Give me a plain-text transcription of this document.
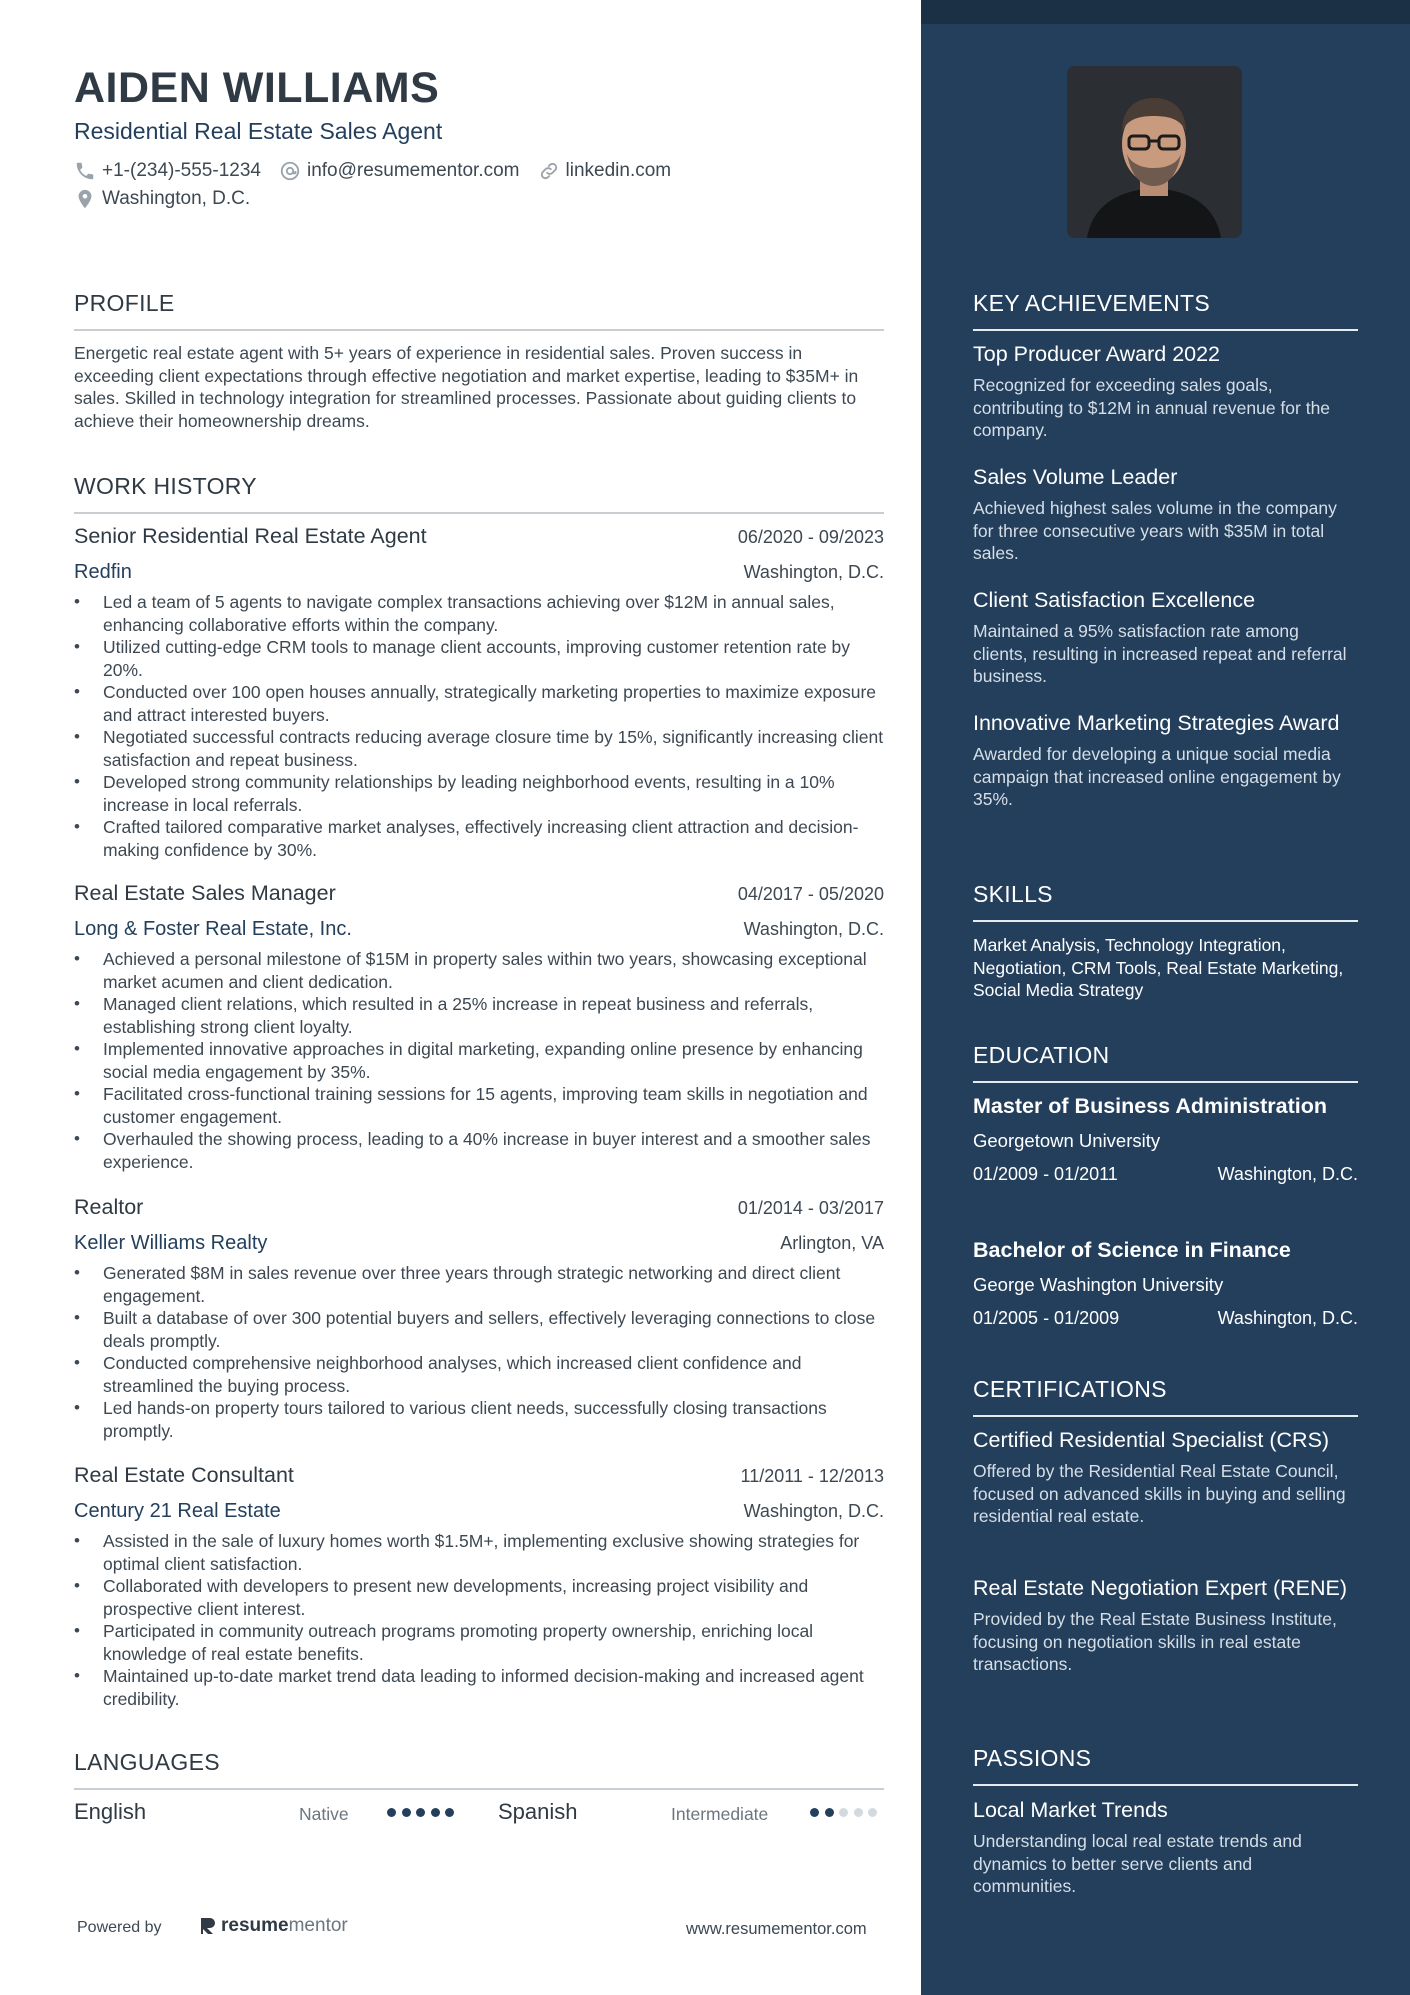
AIDEN WILLIAMS
Residential Real Estate Sales Agent
+1-(234)-555-1234 info@resumementor.com linkedin.com
Washington, D.C.
PROFILE
Energetic real estate agent with 5+ years of experience in residential sales. Proven success in exceeding client expectations through effective negotiation and market expertise, leading to $35M+ in sales. Skilled in technology integration for streamlined processes. Passionate about guiding clients to achieve their homeownership dreams.
WORK HISTORY
Senior Residential Real Estate Agent	06/2020 - 09/2023
Redfin	Washington, D.C.
• Led a team of 5 agents to navigate complex transactions achieving over $12M in annual sales, enhancing collaborative efforts within the company.
• Utilized cutting-edge CRM tools to manage client accounts, improving customer retention rate by 20%.
• Conducted over 100 open houses annually, strategically marketing properties to maximize exposure and attract interested buyers.
• Negotiated successful contracts reducing average closure time by 15%, significantly increasing client satisfaction and repeat business.
• Developed strong community relationships by leading neighborhood events, resulting in a 10% increase in local referrals.
• Crafted tailored comparative market analyses, effectively increasing client attraction and decision-making confidence by 30%.
Real Estate Sales Manager	04/2017 - 05/2020
Long & Foster Real Estate, Inc.	Washington, D.C.
• Achieved a personal milestone of $15M in property sales within two years, showcasing exceptional market acumen and client dedication.
• Managed client relations, which resulted in a 25% increase in repeat business and referrals, establishing strong client loyalty.
• Implemented innovative approaches in digital marketing, expanding online presence by enhancing social media engagement by 35%.
• Facilitated cross-functional training sessions for 15 agents, improving team skills in negotiation and customer engagement.
• Overhauled the showing process, leading to a 40% increase in buyer interest and a smoother sales experience.
Realtor	01/2014 - 03/2017
Keller Williams Realty	Arlington, VA
• Generated $8M in sales revenue over three years through strategic networking and direct client engagement.
• Built a database of over 300 potential buyers and sellers, effectively leveraging connections to close deals promptly.
• Conducted comprehensive neighborhood analyses, which increased client confidence and streamlined the buying process.
• Led hands-on property tours tailored to various client needs, successfully closing transactions promptly.
Real Estate Consultant	11/2011 - 12/2013
Century 21 Real Estate	Washington, D.C.
• Assisted in the sale of luxury homes worth $1.5M+, implementing exclusive showing strategies for optimal client satisfaction.
• Collaborated with developers to present new developments, increasing project visibility and prospective client interest.
• Participated in community outreach programs promoting property ownership, enriching local knowledge of real estate benefits.
• Maintained up-to-date market trend data leading to informed decision-making and increased agent credibility.
LANGUAGES
English	Native	Spanish	Intermediate
Powered by	resume mentor	www.resumementor.com
KEY ACHIEVEMENTS
Top Producer Award 2022
Recognized for exceeding sales goals, contributing to $12M in annual revenue for the company.
Sales Volume Leader
Achieved highest sales volume in the company for three consecutive years with $35M in total sales.
Client Satisfaction Excellence
Maintained a 95% satisfaction rate among clients, resulting in increased repeat and referral business.
Innovative Marketing Strategies Award
Awarded for developing a unique social media campaign that increased online engagement by 35%.
SKILLS
Market Analysis, Technology Integration, Negotiation, CRM Tools, Real Estate Marketing, Social Media Strategy
EDUCATION
Master of Business Administration
Georgetown University
01/2009 - 01/2011	Washington, D.C.
Bachelor of Science in Finance
George Washington University
01/2005 - 01/2009	Washington, D.C.
CERTIFICATIONS
Certified Residential Specialist (CRS)
Offered by the Residential Real Estate Council, focused on advanced skills in buying and selling residential real estate.
Real Estate Negotiation Expert (RENE)
Provided by the Real Estate Business Institute, focusing on negotiation skills in real estate transactions.
PASSIONS
Local Market Trends
Understanding local real estate trends and dynamics to better serve clients and communities.
